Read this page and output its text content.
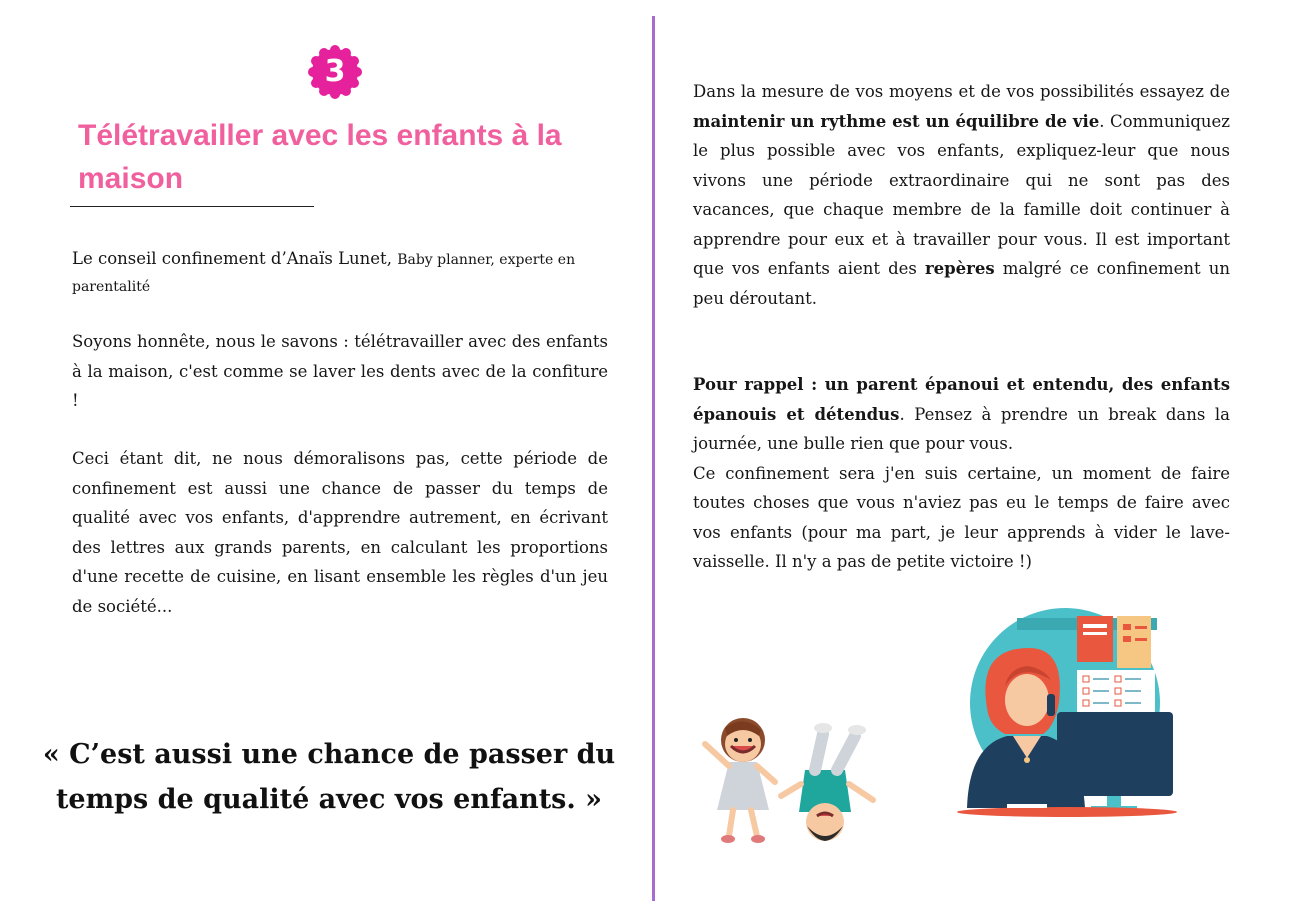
3
Télétravailler avec les enfants à la maison

Le conseil confinement d’Anaïs Lunet, Baby planner, experte en parentalité

Soyons honnête, nous le savons : télétravailler avec des enfants à la maison, c'est comme se laver les dents avec de la confiture !

Ceci étant dit, ne nous démoralisons pas, cette période de confinement est aussi une chance de passer du temps de qualité avec vos enfants, d'apprendre autrement, en écrivant des lettres aux grands parents, en calculant les proportions d'une recette de cuisine, en lisant ensemble les règles d'un jeu de société...

« C’est aussi une chance de passer du temps de qualité avec vos enfants. »

Dans la mesure de vos moyens et de vos possibilités essayez de maintenir un rythme est un équilibre de vie. Communiquez le plus possible avec vos enfants, expliquez-leur que nous vivons une période extraordinaire qui ne sont pas des vacances, que chaque membre de la famille doit continuer à apprendre pour eux et à travailler pour vous. Il est important que vos enfants aient des repères malgré ce confinement un peu déroutant.

Pour rappel : un parent épanoui et entendu, des enfants épanouis et détendus. Pensez à prendre un break dans la journée, une bulle rien que pour vous.
Ce confinement sera j'en suis certaine, un moment de faire toutes choses que vous n'aviez pas eu le temps de faire avec vos enfants (pour ma part, je leur apprends à vider le lave-vaisselle. Il n'y a pas de petite victoire !)
